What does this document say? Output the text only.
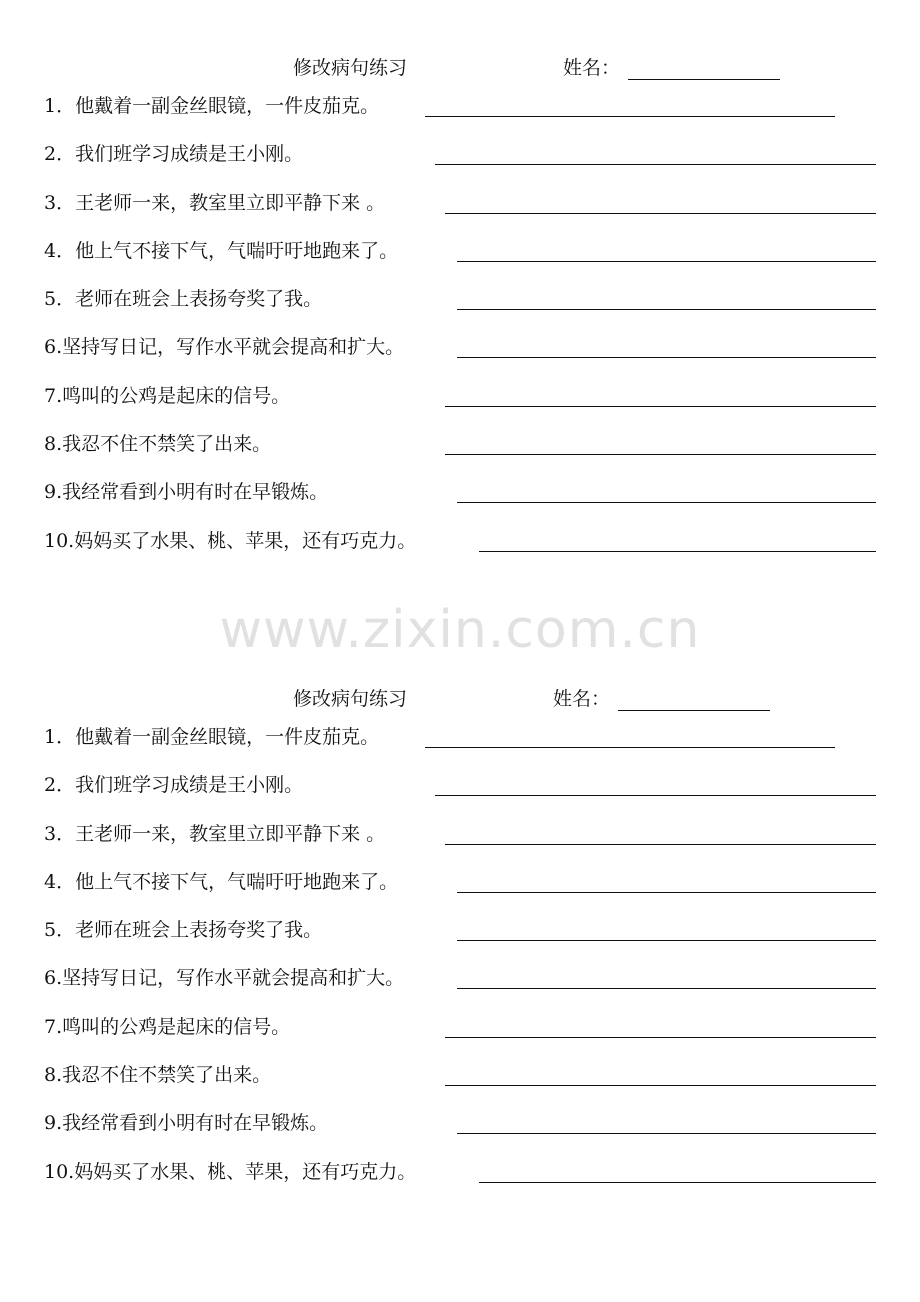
修改病句练习	姓名：
1．他戴着一副金丝眼镜，一件皮茄克。
2．我们班学习成绩是王小刚。
3．王老师一来，教室里立即平静下来 。
4．他上气不接下气，气喘吁吁地跑来了。
5．老师在班会上表扬夸奖了我。
6.坚持写日记，写作水平就会提高和扩大。
7.鸣叫的公鸡是起床的信号。
8.我忍不住不禁笑了出来。
9.我经常看到小明有时在早锻炼。
10.妈妈买了水果、桃、苹果，还有巧克力。
www.zixin.com.cn
修改病句练习	姓名：
1．他戴着一副金丝眼镜，一件皮茄克。
2．我们班学习成绩是王小刚。
3．王老师一来，教室里立即平静下来 。
4．他上气不接下气，气喘吁吁地跑来了。
5．老师在班会上表扬夸奖了我。
6.坚持写日记，写作水平就会提高和扩大。
7.鸣叫的公鸡是起床的信号。
8.我忍不住不禁笑了出来。
9.我经常看到小明有时在早锻炼。
10.妈妈买了水果、桃、苹果，还有巧克力。
